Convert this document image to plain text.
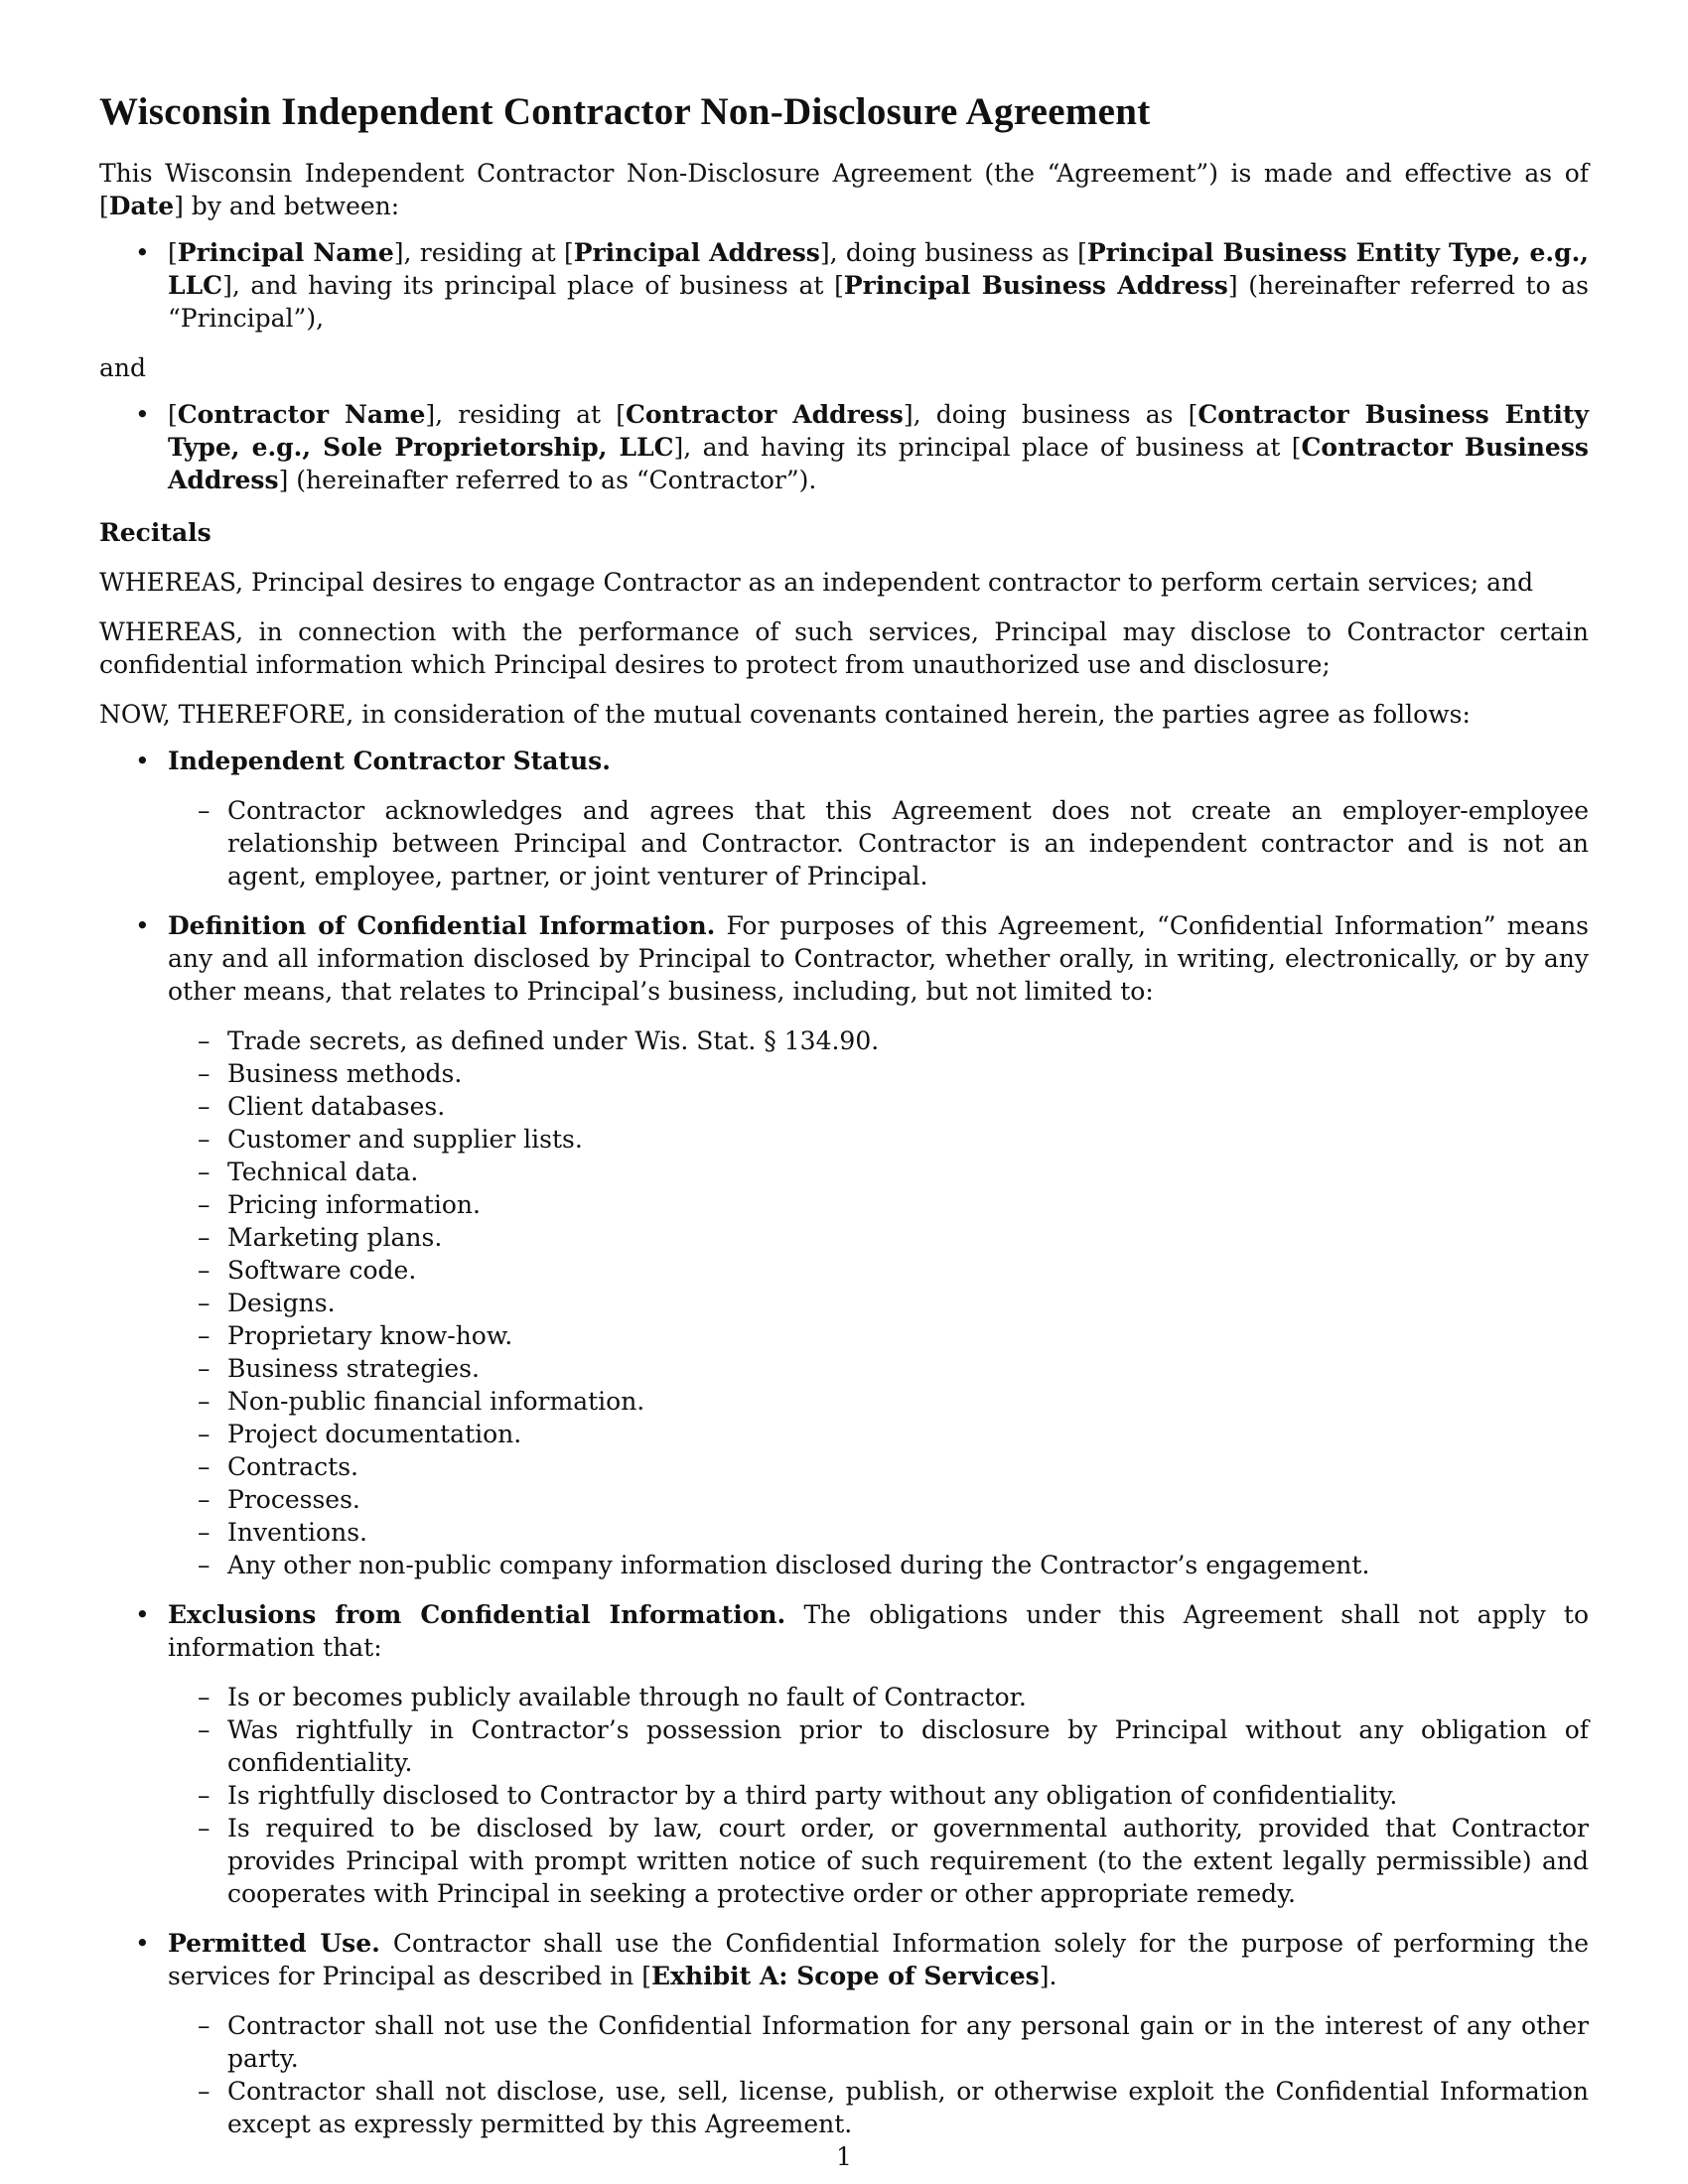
Wisconsin Independent Contractor Non-Disclosure Agreement

This Wisconsin Independent Contractor Non-Disclosure Agreement (the “Agreement”) is made and effective as of [Date] by and between:

• [Principal Name], residing at [Principal Address], doing business as [Principal Business Entity Type, e.g., LLC], and having its principal place of business at [Principal Business Address] (hereinafter referred to as “Principal”),

and

• [Contractor Name], residing at [Contractor Address], doing business as [Contractor Business Entity Type, e.g., Sole Proprietorship, LLC], and having its principal place of business at [Contractor Business Address] (hereinafter referred to as “Contractor”).

Recitals

WHEREAS, Principal desires to engage Contractor as an independent contractor to perform certain services; and

WHEREAS, in connection with the performance of such services, Principal may disclose to Contractor certain confidential information which Principal desires to protect from unauthorized use and disclosure;

NOW, THEREFORE, in consideration of the mutual covenants contained herein, the parties agree as follows:

• Independent Contractor Status.
– Contractor acknowledges and agrees that this Agreement does not create an employer-employee relationship between Principal and Contractor. Contractor is an independent contractor and is not an agent, employee, partner, or joint venturer of Principal.
• Definition of Confidential Information. For purposes of this Agreement, “Confidential Information” means any and all information disclosed by Principal to Contractor, whether orally, in writing, electronically, or by any other means, that relates to Principal’s business, including, but not limited to:
– Trade secrets, as defined under Wis. Stat. § 134.90.
– Business methods.
– Client databases.
– Customer and supplier lists.
– Technical data.
– Pricing information.
– Marketing plans.
– Software code.
– Designs.
– Proprietary know-how.
– Business strategies.
– Non-public financial information.
– Project documentation.
– Contracts.
– Processes.
– Inventions.
– Any other non-public company information disclosed during the Contractor’s engagement.
• Exclusions from Confidential Information. The obligations under this Agreement shall not apply to information that:
– Is or becomes publicly available through no fault of Contractor.
– Was rightfully in Contractor’s possession prior to disclosure by Principal without any obligation of confidentiality.
– Is rightfully disclosed to Contractor by a third party without any obligation of confidentiality.
– Is required to be disclosed by law, court order, or governmental authority, provided that Contractor provides Principal with prompt written notice of such requirement (to the extent legally permissible) and cooperates with Principal in seeking a protective order or other appropriate remedy.
• Permitted Use. Contractor shall use the Confidential Information solely for the purpose of performing the services for Principal as described in [Exhibit A: Scope of Services].
– Contractor shall not use the Confidential Information for any personal gain or in the interest of any other party.
– Contractor shall not disclose, use, sell, license, publish, or otherwise exploit the Confidential Information except as expressly permitted by this Agreement.
1
